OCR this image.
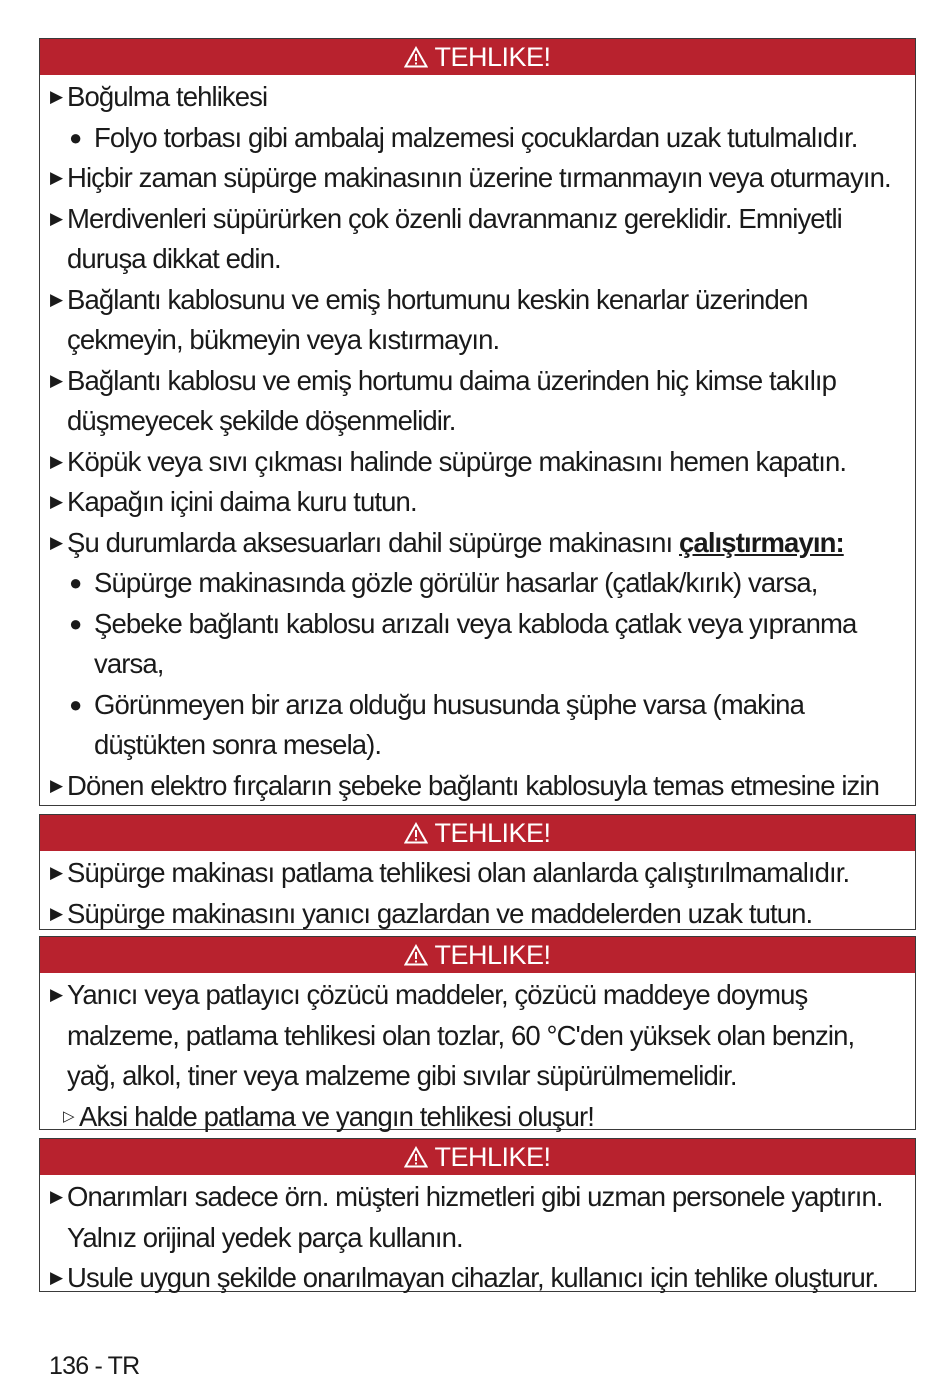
TEHLIKE!
▶ Boğulma tehlikesi
● Folyo torbası gibi ambalaj malzemesi çocuklardan uzak tutulmalıdır.
▶ Hiçbir zaman süpürge makinasının üzerine tırmanmayın veya oturmayın.
▶ Merdivenleri süpürürken çok özenli davranmanız gereklidir. Emniyetli duruşa dikkat edin.
▶ Bağlantı kablosunu ve emiş hortumunu keskin kenarlar üzerinden çekmeyin, bükmeyin veya kıstırmayın.
▶ Bağlantı kablosu ve emiş hortumu daima üzerinden hiç kimse takılıp düşmeyecek şekilde döşenmelidir.
▶ Köpük veya sıvı çıkması halinde süpürge makinasını hemen kapatın.
▶ Kapağın içini daima kuru tutun.
▶ Şu durumlarda aksesuarları dahil süpürge makinasını çalıştırmayın:
● Süpürge makinasında gözle görülür hasarlar (çatlak/kırık) varsa,
● Şebeke bağlantı kablosu arızalı veya kabloda çatlak veya yıpranma varsa,
● Görünmeyen bir arıza olduğu hususunda şüphe varsa (makina düştükten sonra mesela).
▶ Dönen elektro fırçaların şebeke bağlantı kablosuyla temas etmesine izin
TEHLIKE!
▶ Süpürge makinası patlama tehlikesi olan alanlarda çalıştırılmamalıdır.
▶ Süpürge makinasını yanıcı gazlardan ve maddelerden uzak tutun.
TEHLIKE!
▶ Yanıcı veya patlayıcı çözücü maddeler, çözücü maddeye doymuş malzeme, patlama tehlikesi olan tozlar, 60 °C'den yüksek olan benzin, yağ, alkol, tiner veya malzeme gibi sıvılar süpürülmemelidir.
▷ Aksi halde patlama ve yangın tehlikesi oluşur!
TEHLIKE!
▶ Onarımları sadece örn. müşteri hizmetleri gibi uzman personele yaptırın. Yalnız orijinal yedek parça kullanın.
▶ Usule uygun şekilde onarılmayan cihazlar, kullanıcı için tehlike oluşturur.
136 - TR
